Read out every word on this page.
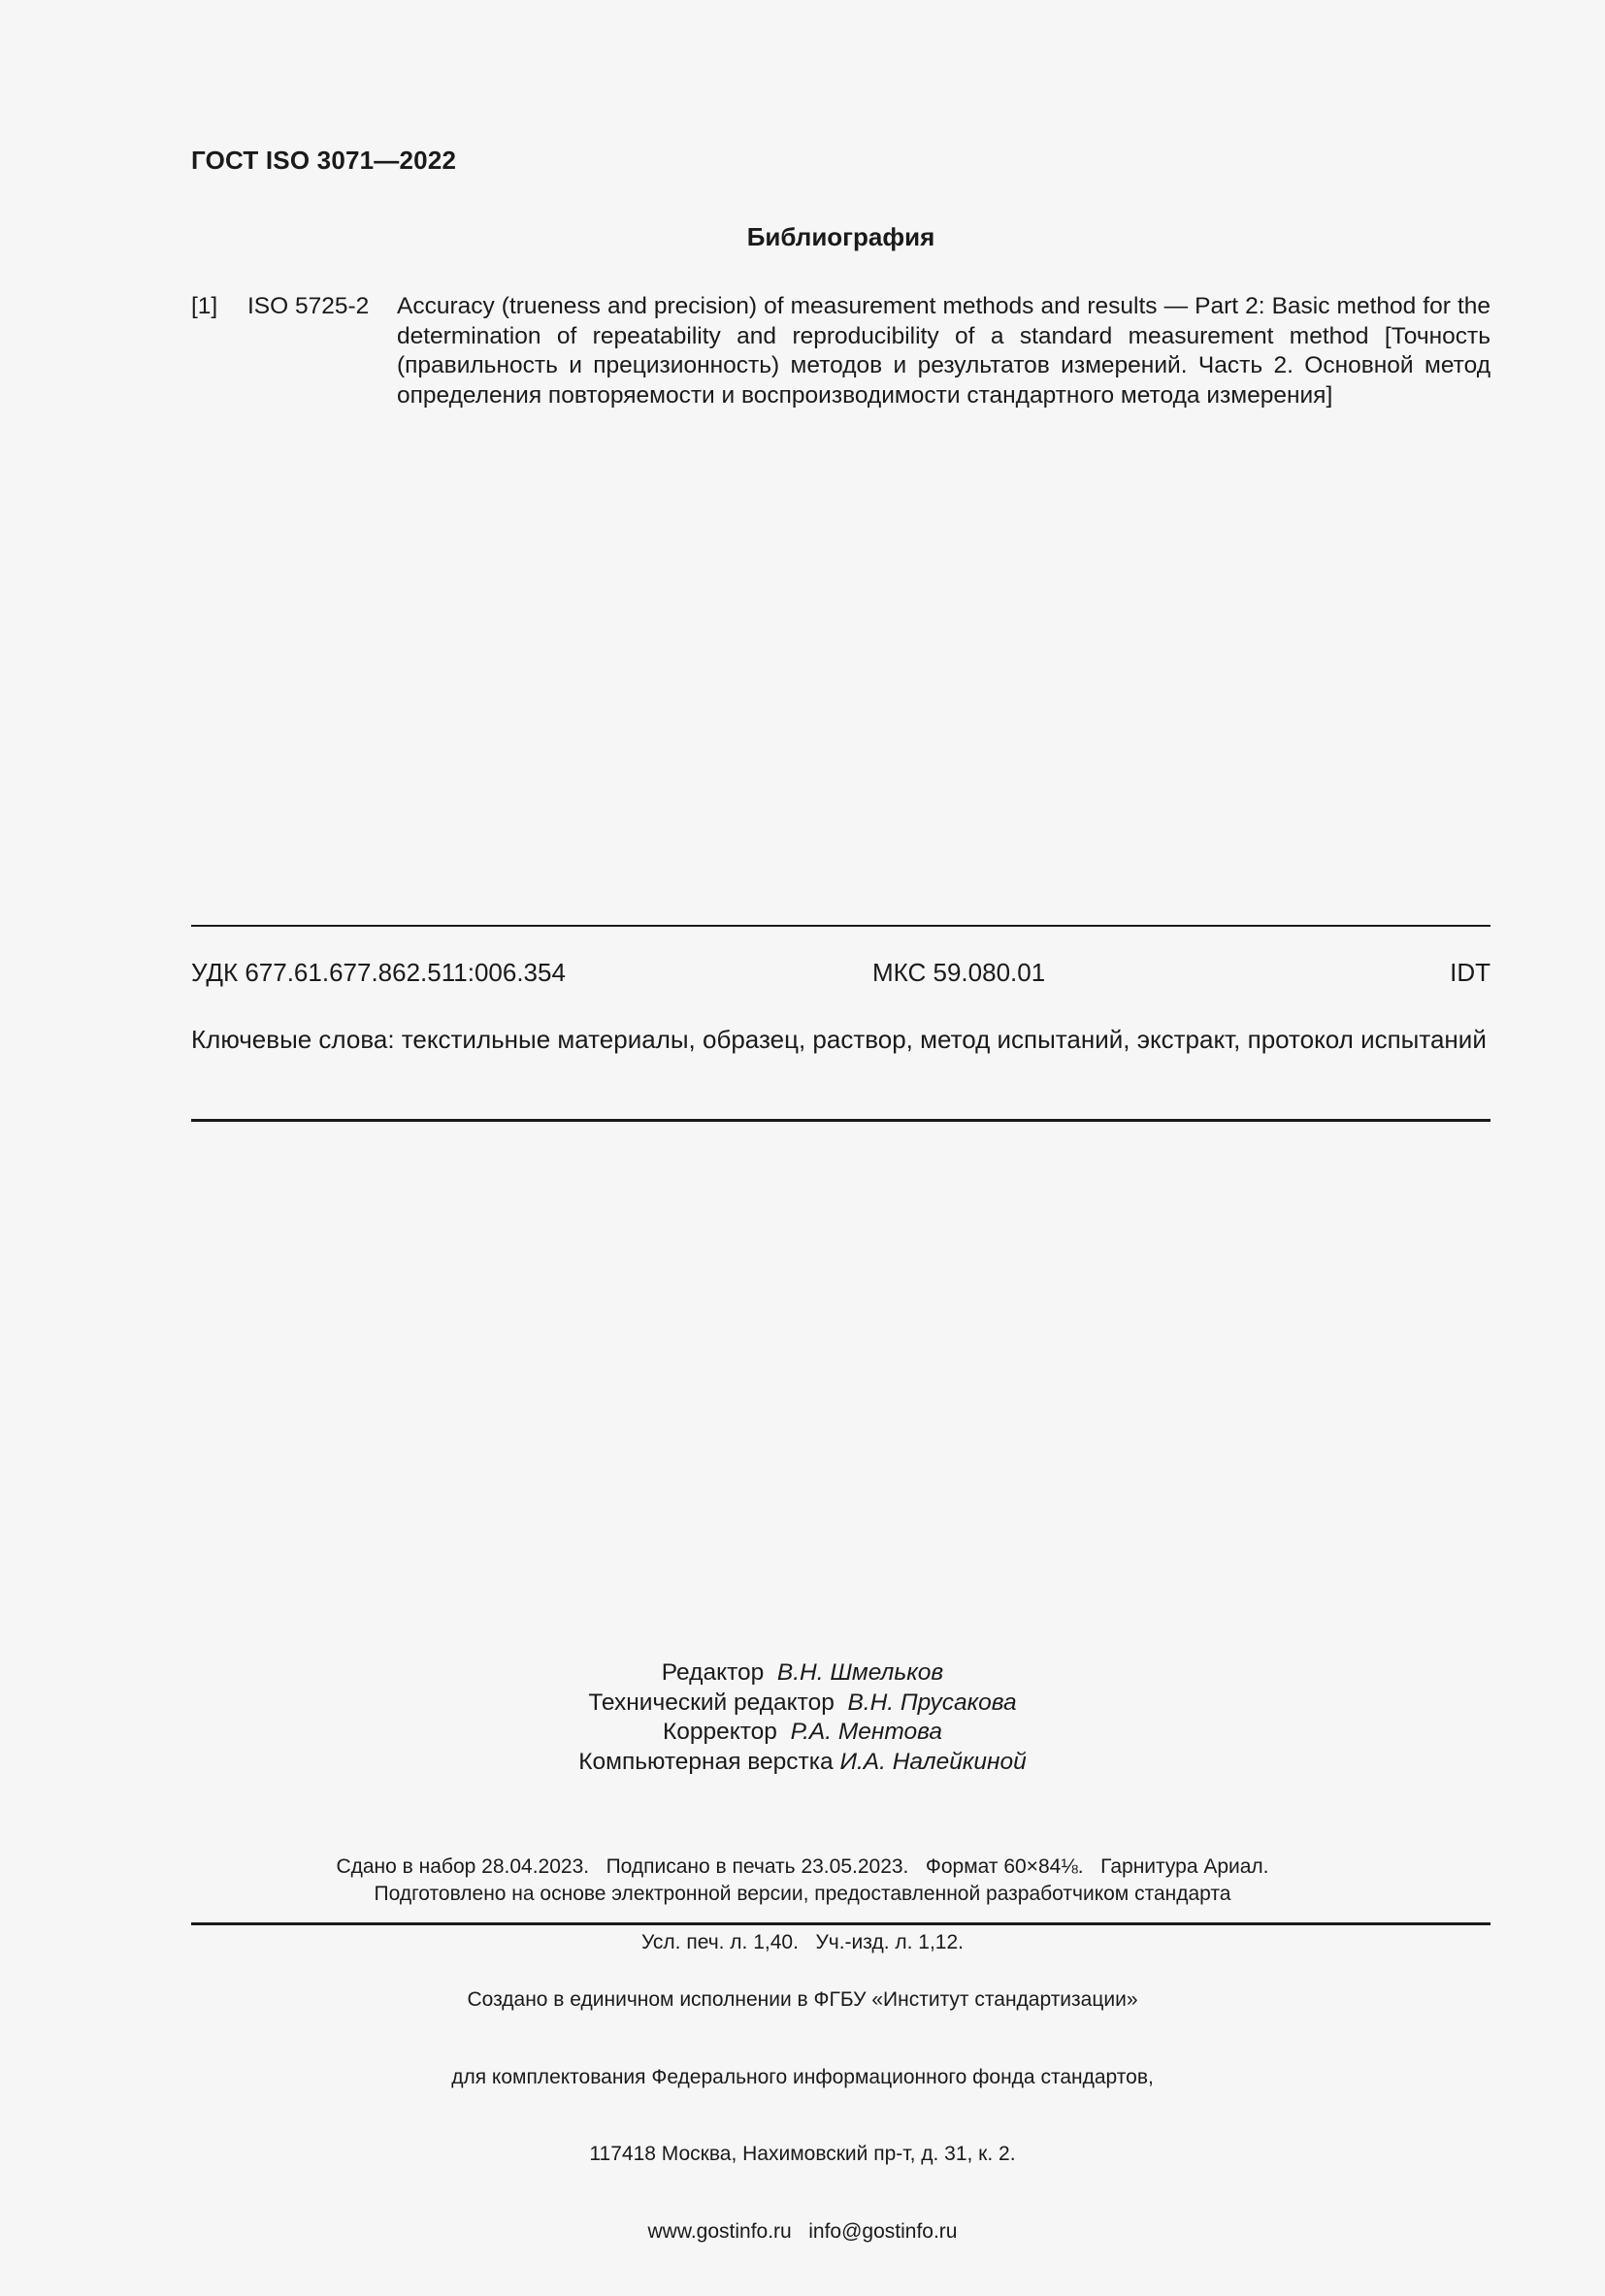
ГОСТ ISO 3071—2022
Библиография
[1] ISO 5725-2 Accuracy (trueness and precision) of measurement methods and results — Part 2: Basic method for the determination of repeatability and reproducibility of a standard measurement method [Точность (правильность и прецизионность) методов и результатов измерений. Часть 2. Основной метод определения повторяемости и воспроизводимости стандартного метода измерения]
УДК 677.61.677.862.511:006.354	МКС 59.080.01	IDT
Ключевые слова: текстильные материалы, образец, раствор, метод испытаний, экстракт, протокол испытаний
Редактор В.Н. Шмельков
Технический редактор В.Н. Прусакова
Корректор Р.А. Ментова
Компьютерная верстка И.А. Налейкиной

Сдано в набор 28.04.2023.   Подписано в печать 23.05.2023.   Формат 60×84⅛.   Гарнитура Ариал.

Усл. печ. л. 1,40.   Уч.-изд. л. 1,12.

Подготовлено на основе электронной версии, предоставленной разработчиком стандарта

Создано в единичном исполнении в ФГБУ «Институт стандартизации»

для комплектования Федерального информационного фонда стандартов,

117418 Москва, Нахимовский пр-т, д. 31, к. 2.

www.gostinfo.ru info@gostinfo.ru
